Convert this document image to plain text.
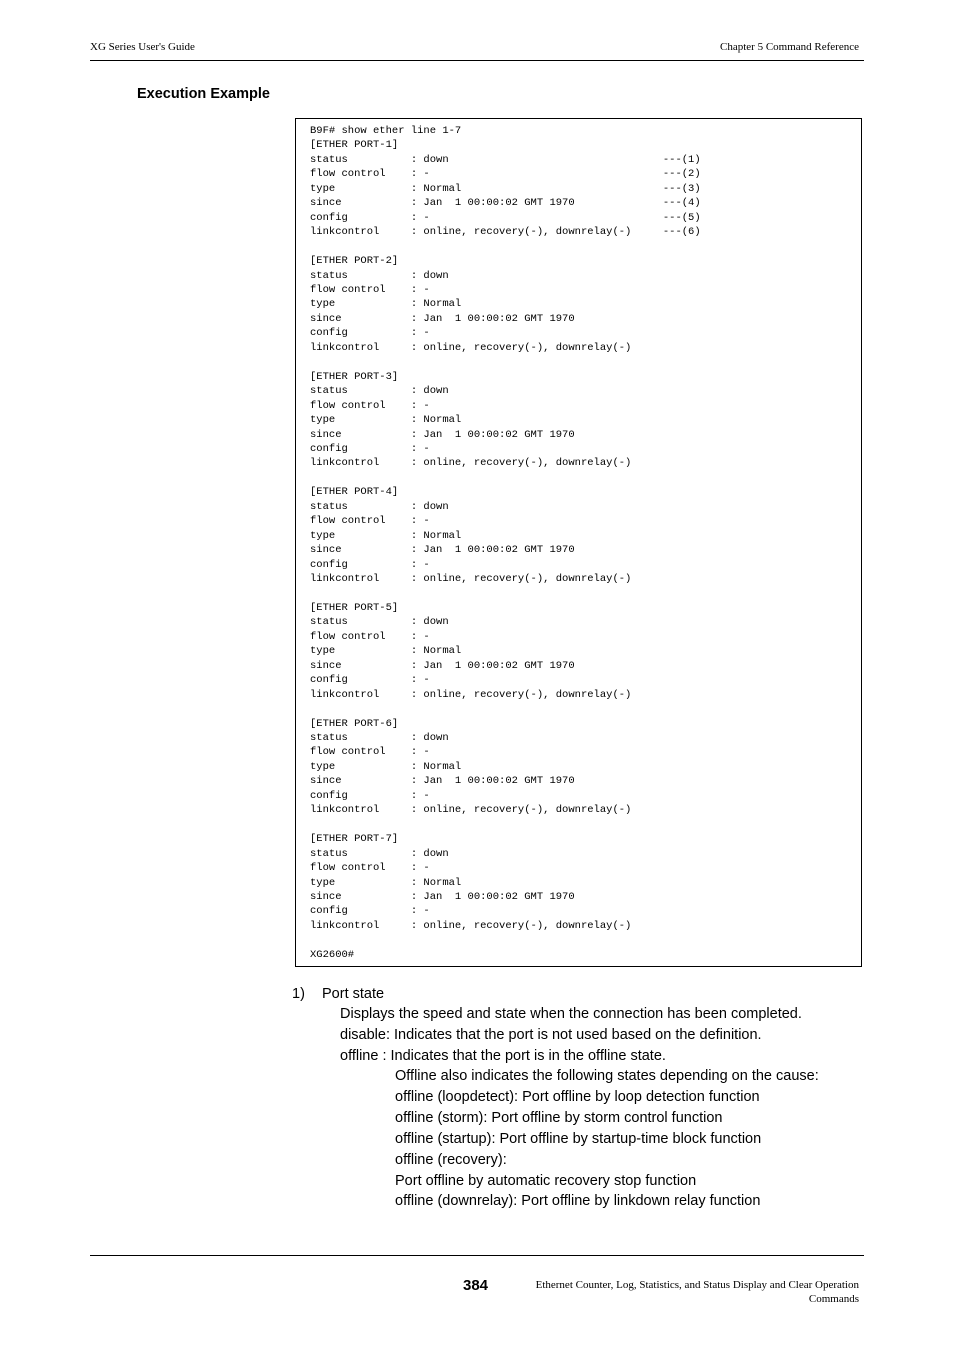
XG Series User's Guide	Chapter 5 Command Reference
Execution Example
B9F# show ether line 1-7
[ETHER PORT-1]
status          : down                                  ---(1)
flow control    : -                                     ---(2)
type            : Normal                                ---(3)
since           : Jan  1 00:00:02 GMT 1970              ---(4)
config          : -                                     ---(5)
linkcontrol     : online, recovery(-), downrelay(-)     ---(6)

[ETHER PORT-2]
status          : down
flow control    : -
type            : Normal
since           : Jan  1 00:00:02 GMT 1970
config          : -
linkcontrol     : online, recovery(-), downrelay(-)

[ETHER PORT-3]
status          : down
flow control    : -
type            : Normal
since           : Jan  1 00:00:02 GMT 1970
config          : -
linkcontrol     : online, recovery(-), downrelay(-)

[ETHER PORT-4]
status          : down
flow control    : -
type            : Normal
since           : Jan  1 00:00:02 GMT 1970
config          : -
linkcontrol     : online, recovery(-), downrelay(-)

[ETHER PORT-5]
status          : down
flow control    : -
type            : Normal
since           : Jan  1 00:00:02 GMT 1970
config          : -
linkcontrol     : online, recovery(-), downrelay(-)

[ETHER PORT-6]
status          : down
flow control    : -
type            : Normal
since           : Jan  1 00:00:02 GMT 1970
config          : -
linkcontrol     : online, recovery(-), downrelay(-)

[ETHER PORT-7]
status          : down
flow control    : -
type            : Normal
since           : Jan  1 00:00:02 GMT 1970
config          : -
linkcontrol     : online, recovery(-), downrelay(-)

XG2600#
1) Port state
Displays the speed and state when the connection has been completed.
disable: Indicates that the port is not used based on the definition.
offline : Indicates that the port is in the offline state.
Offline also indicates the following states depending on the cause:
offline (loopdetect): Port offline by loop detection function
offline (storm): Port offline by storm control function
offline (startup): Port offline by startup-time block function
offline (recovery):
Port offline by automatic recovery stop function
offline (downrelay): Port offline by linkdown relay function
384	Ethernet Counter, Log, Statistics, and Status Display and Clear Operation
Commands
